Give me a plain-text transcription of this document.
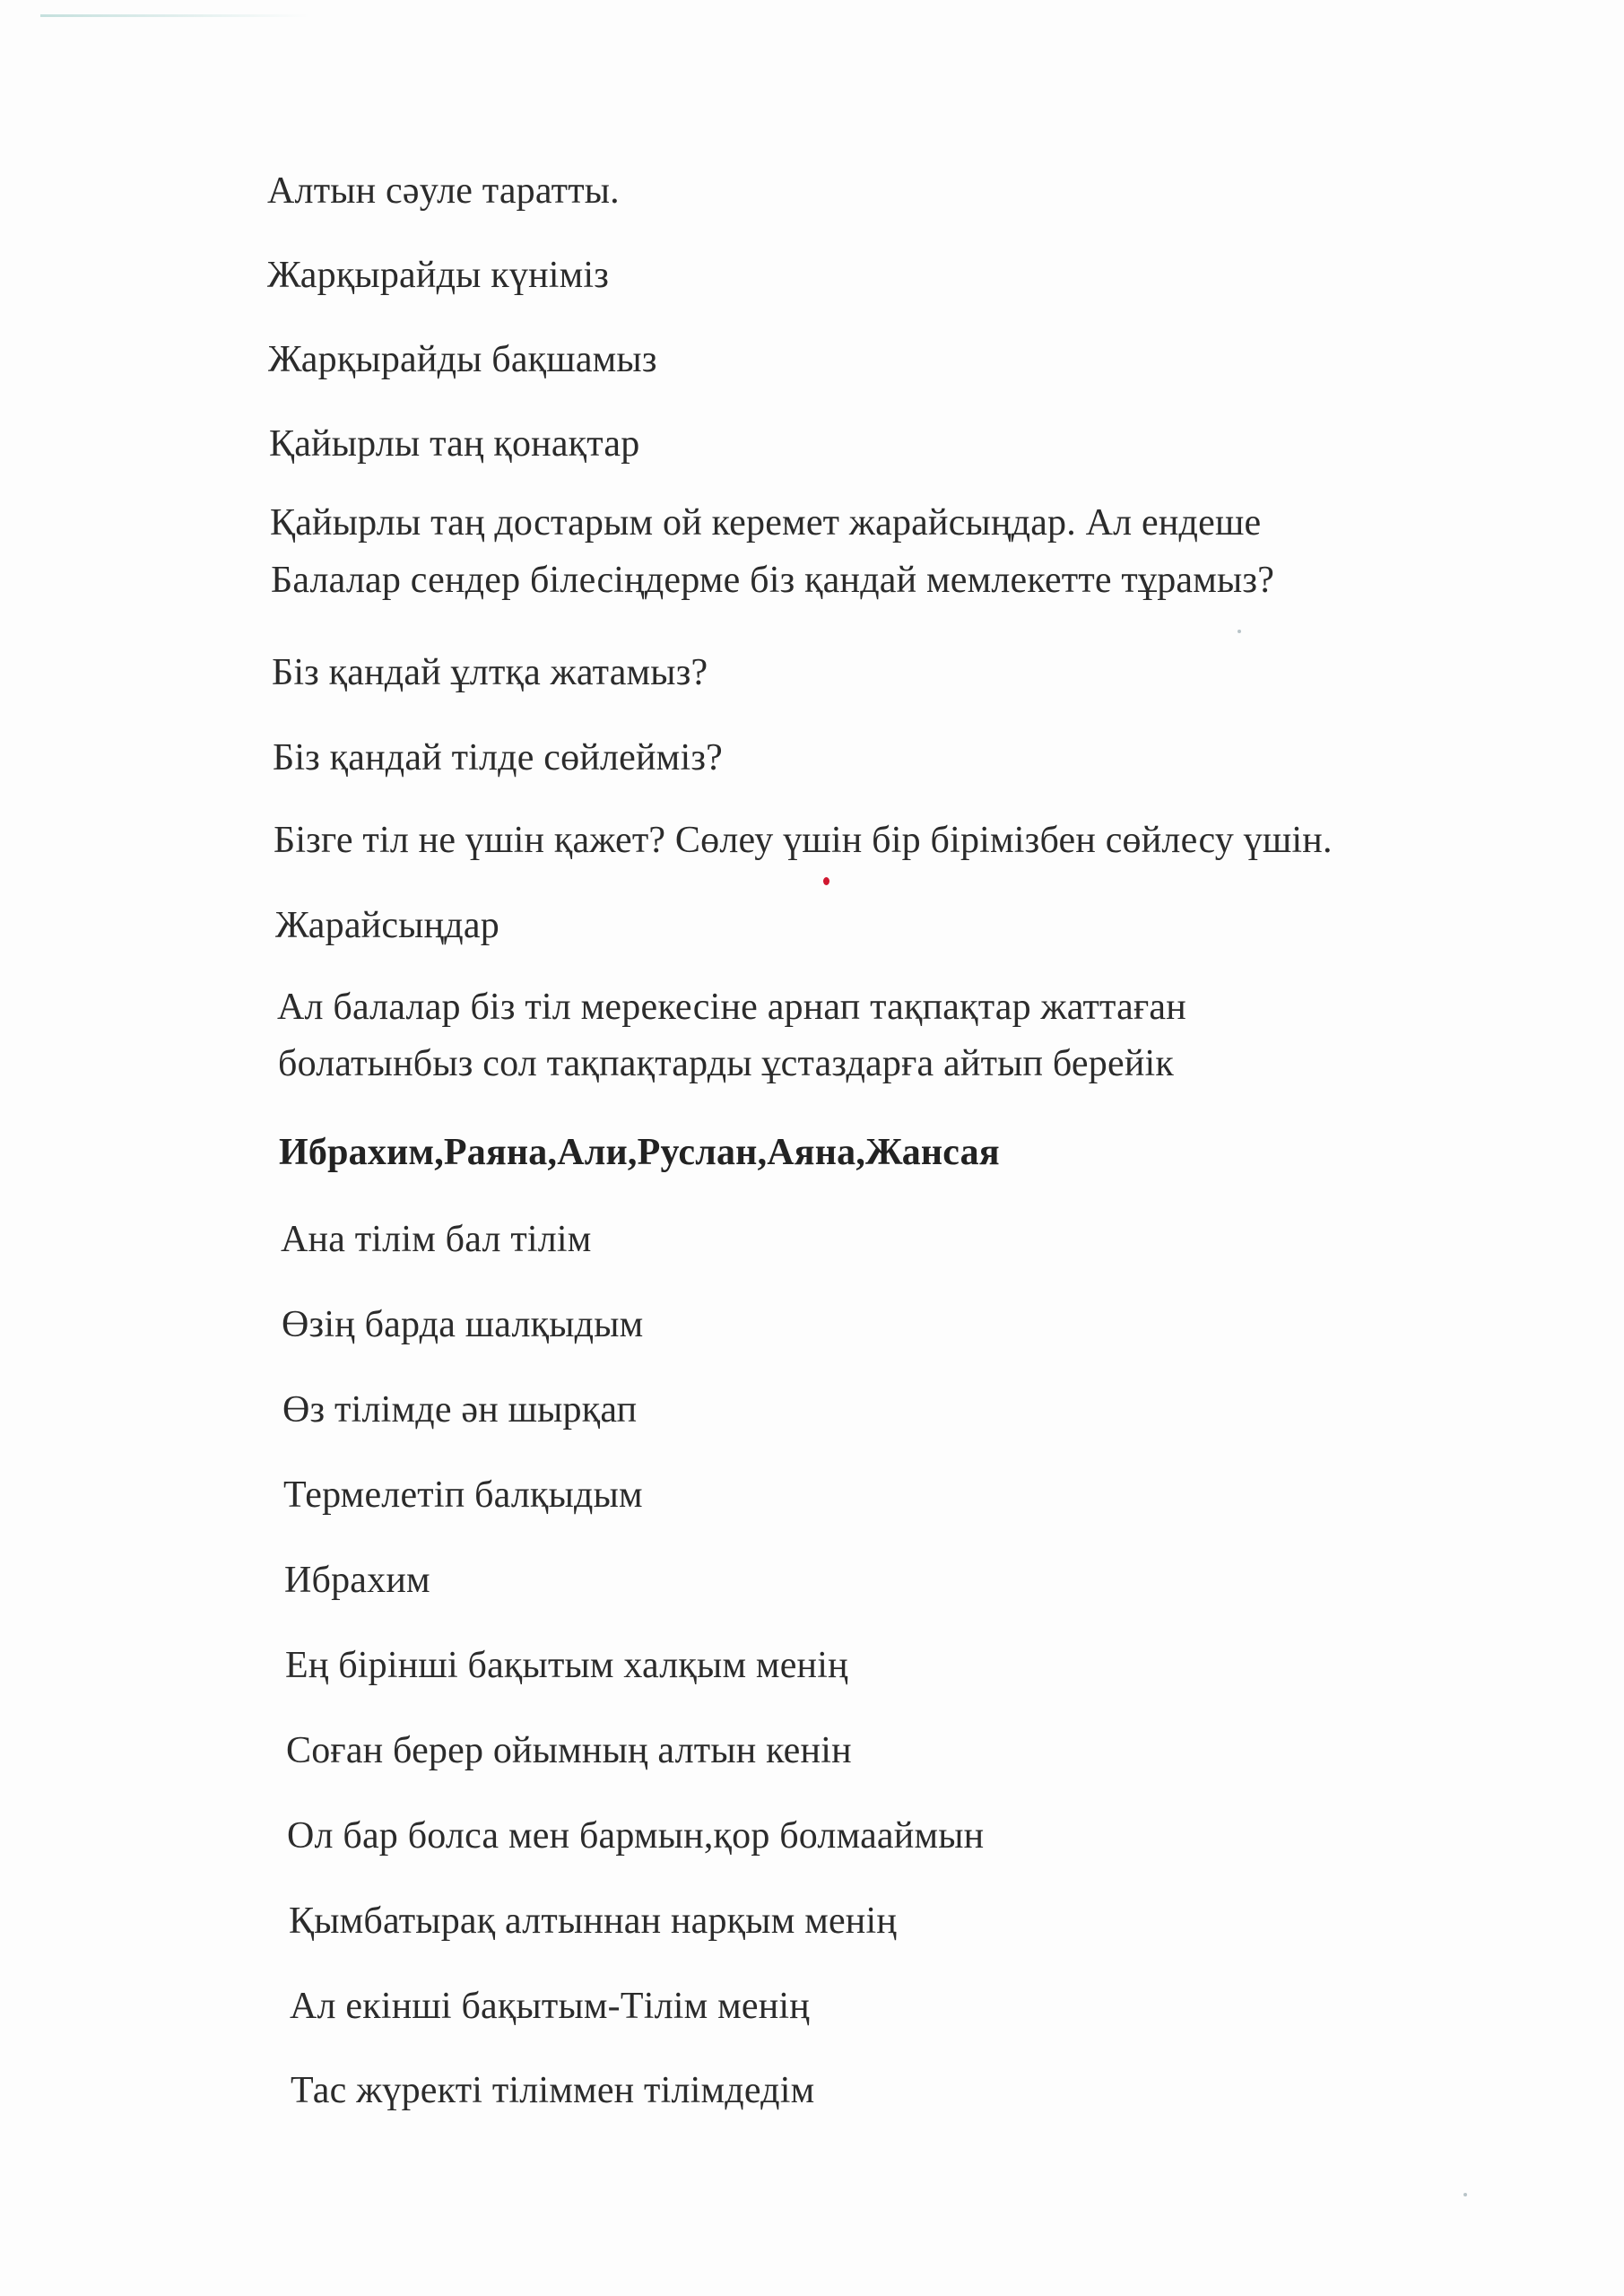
Алтын сәуле таратты.
Жарқырайды күніміз
Жарқырайды бақшамыз
Қайырлы таң қонақтар
Қайырлы таң достарым ой керемет жарайсыңдар. Ал ендеше
Балалар сендер білесіңдерме біз қандай мемлекетте тұрамыз?
Біз қандай ұлтқа жатамыз?
Біз қандай тілде сөйлейміз?
Бізге тіл не үшін қажет? Сөлеу үшін бір бірімізбен сөйлесу үшін.
Жарайсыңдар
Ал балалар біз тіл мерекесіне арнап тақпақтар жаттаған
болатынбыз сол тақпақтарды ұстаздарға айтып берейік
Ибрахим,Раяна,Али,Руслан,Аяна,Жансая
Ана тілім бал тілім
Өзің барда шалқыдым
Өз тілімде ән шырқап
Термелетіп балқыдым
Ибрахим
Ең бірінші бақытым халқым менің
Соған берер ойымның алтын кенін
Ол бар болса мен бармын,қор болмааймын
Қымбатырақ алтыннан нарқым менің
Ал екінші бақытым-Тілім менің
Тас жүректі тіліммен тілімдедім
